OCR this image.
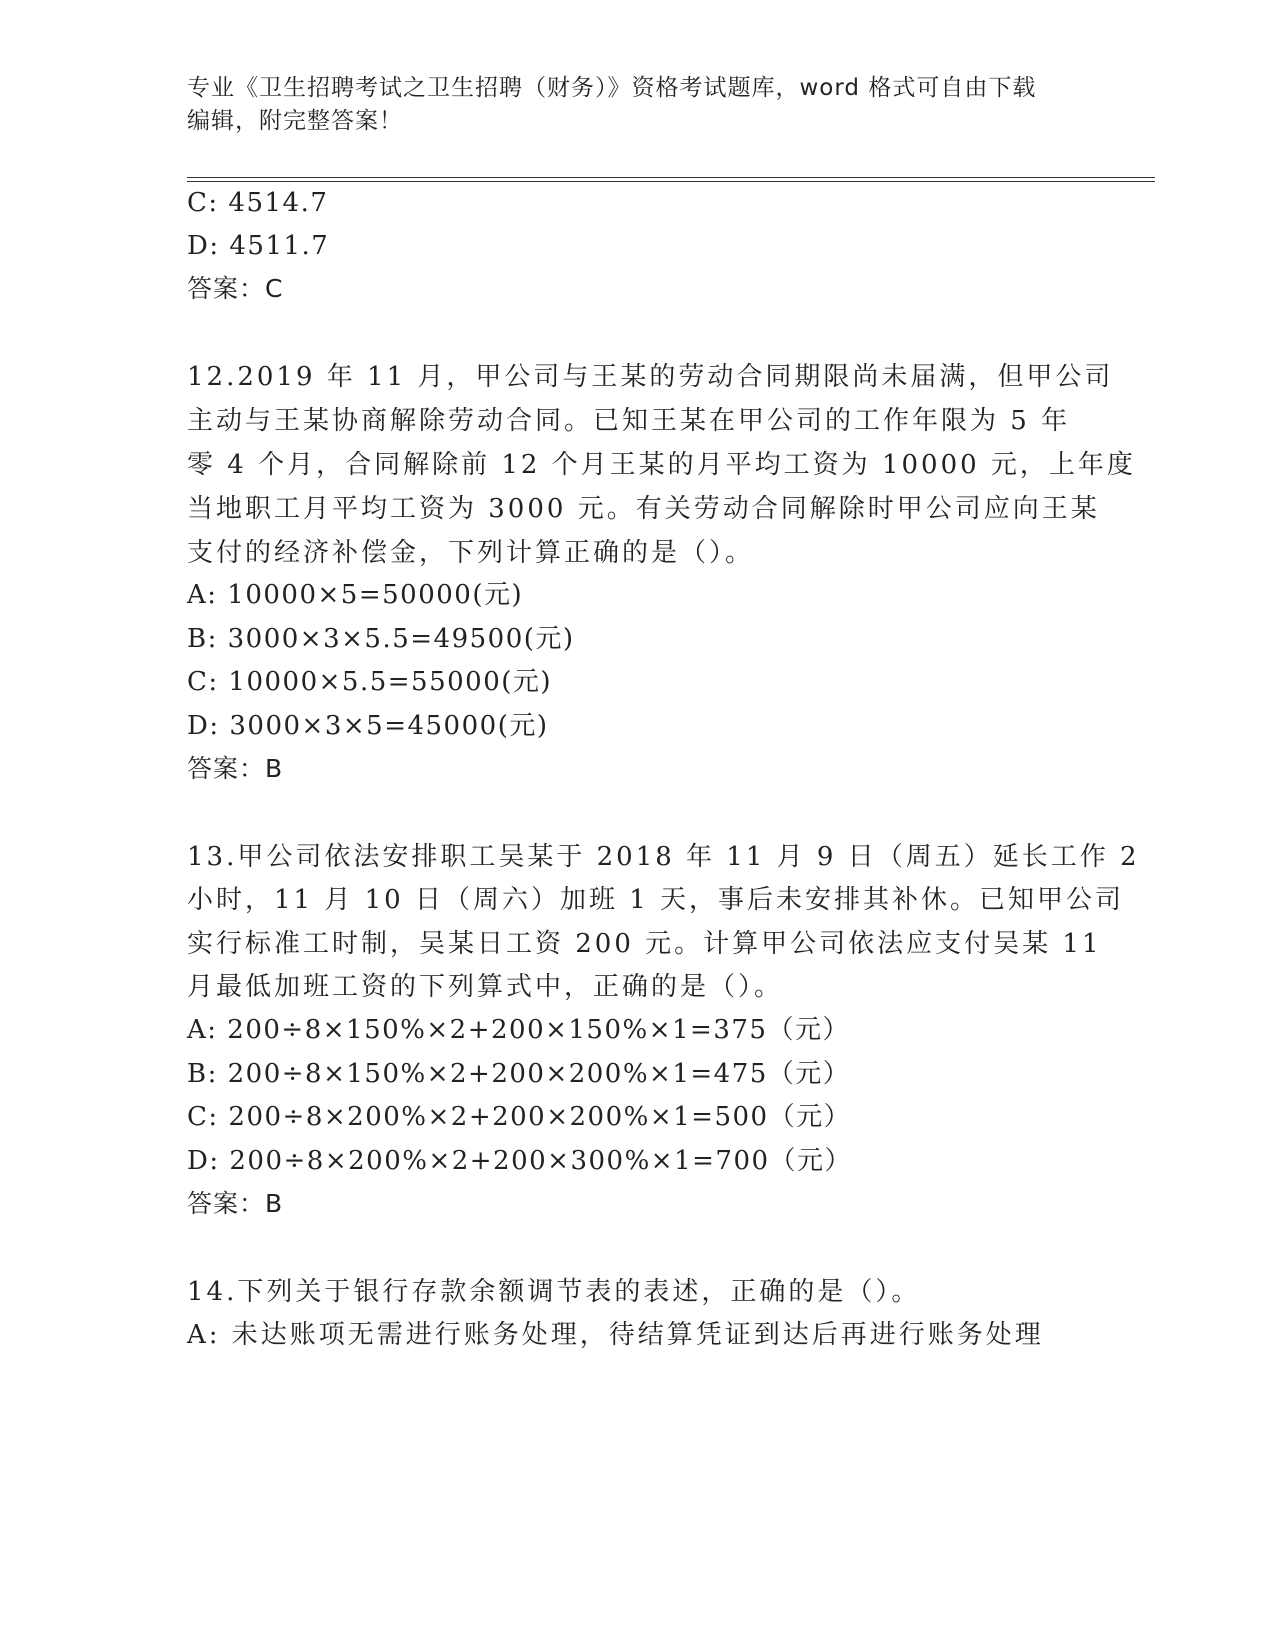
专业《卫生招聘考试之卫生招聘（财务）》资格考试题库，word 格式可自由下载
编辑，附完整答案！
C: 4514.7
D: 4511.7
答案：C
12.2019 年 11 月，甲公司与王某的劳动合同期限尚未届满，但甲公司
主动与王某协商解除劳动合同。已知王某在甲公司的工作年限为 5 年
零 4 个月，合同解除前 12 个月王某的月平均工资为 10000 元，上年度
当地职工月平均工资为 3000 元。有关劳动合同解除时甲公司应向王某
支付的经济补偿金，下列计算正确的是（）。
A: 10000×5=50000(元)
B: 3000×3×5.5=49500(元)
C: 10000×5.5=55000(元)
D: 3000×3×5=45000(元)
答案：B
13.甲公司依法安排职工吴某于 2018 年 11 月 9 日（周五）延长工作 2
小时，11 月 10 日（周六）加班 1 天，事后未安排其补休。已知甲公司
实行标准工时制，吴某日工资 200 元。计算甲公司依法应支付吴某 11
月最低加班工资的下列算式中，正确的是（）。
A: 200÷8×150%×2+200×150%×1=375（元）
B: 200÷8×150%×2+200×200%×1=475（元）
C: 200÷8×200%×2+200×200%×1=500（元）
D: 200÷8×200%×2+200×300%×1=700（元）
答案：B
14.下列关于银行存款余额调节表的表述，正确的是（）。
A: 未达账项无需进行账务处理，待结算凭证到达后再进行账务处理
